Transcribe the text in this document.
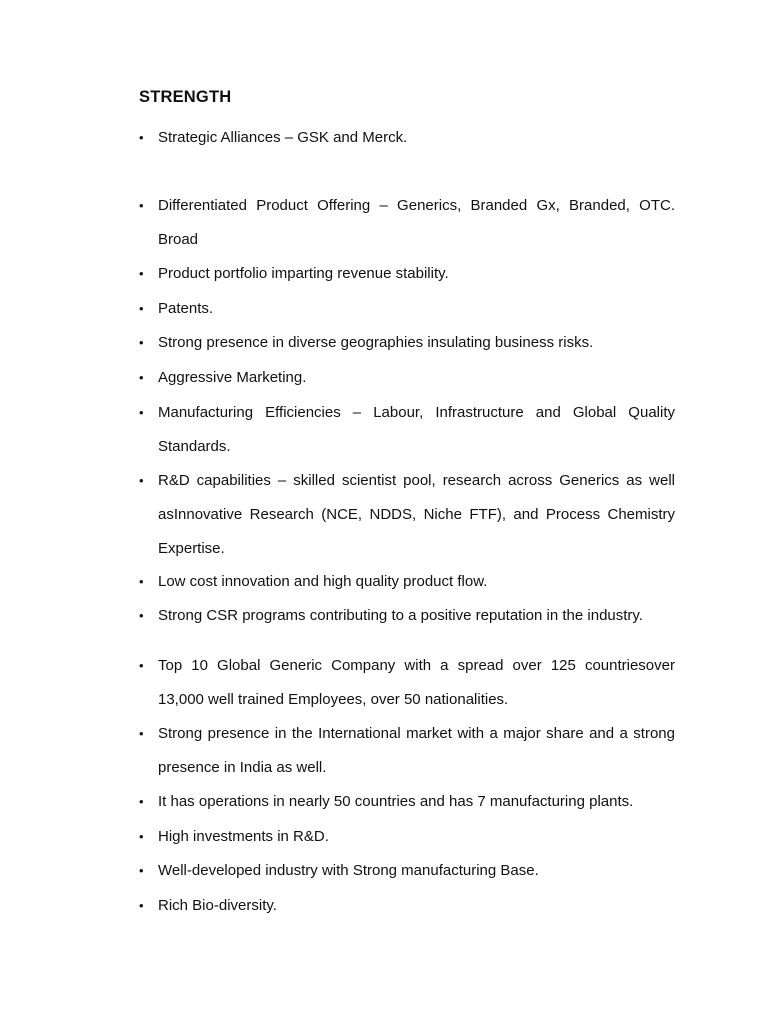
STRENGTH
• Strategic Alliances – GSK and Merck.
• Differentiated Product Offering – Generics, Branded Gx, Branded, OTC. Broad
• Product portfolio imparting revenue stability.
• Patents.
• Strong presence in diverse geographies insulating business risks.
• Aggressive Marketing.
• Manufacturing Efficiencies – Labour, Infrastructure and Global Quality Standards.
• R&D capabilities – skilled scientist pool, research across Generics as well asInnovative Research (NCE, NDDS, Niche FTF), and Process Chemistry Expertise.
• Low cost innovation and high quality product flow.
• Strong CSR programs contributing to a positive reputation in the industry.
• Top 10 Global Generic Company with a spread over 125 countriesover 13,000 well trained Employees, over 50 nationalities.
• Strong presence in the International market with a major share and a strong presence in India as well.
• It has operations in nearly 50 countries and has 7 manufacturing plants.
• High investments in R&D.
• Well-developed industry with Strong manufacturing Base.
• Rich Bio-diversity.
